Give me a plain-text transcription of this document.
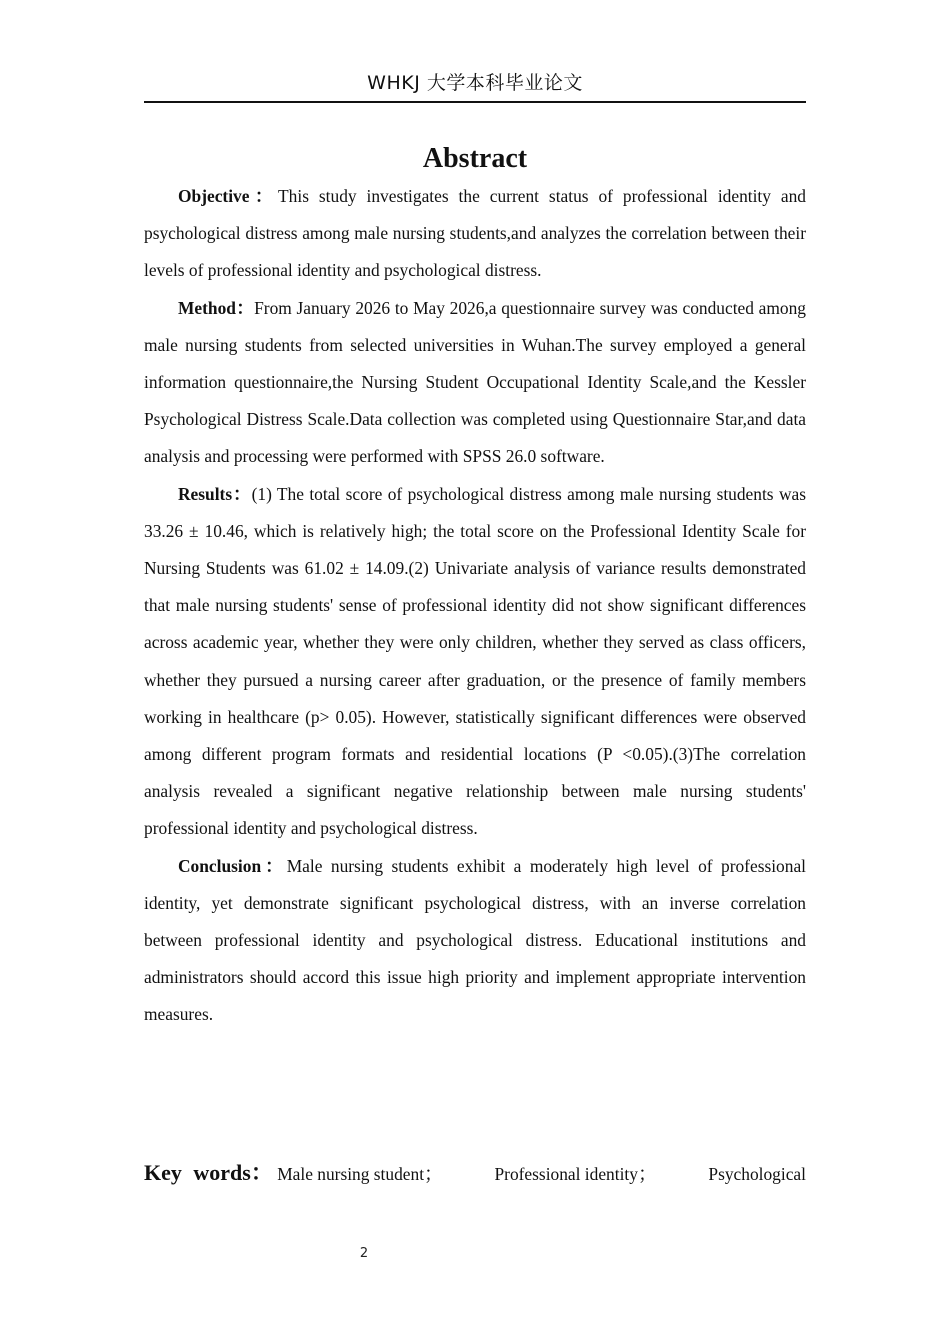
WHKJ 大学本科毕业论文
Abstract

Objective：This study investigates the current status of professional identity and psychological distress among male nursing students,and analyzes the correlation between their levels of professional identity and psychological distress.

Method：From January 2026 to May 2026,a questionnaire survey was conducted among male nursing students from selected universities in Wuhan.The survey employed a general information questionnaire,the Nursing Student Occupational Identity Scale,and the Kessler Psychological Distress Scale.Data collection was completed using Questionnaire Star,and data analysis and processing were performed with SPSS 26.0 software.

Results：(1) The total score of psychological distress among male nursing students was 33.26 ± 10.46, which is relatively high; the total score on the Professional Identity Scale for Nursing Students was 61.02 ± 14.09.(2) Univariate analysis of variance results demonstrated that male nursing students' sense of professional identity did not show significant differences across academic year, whether they were only children, whether they served as class officers, whether they pursued a nursing career after graduation, or the presence of family members working in healthcare (p> 0.05). However, statistically significant differences were observed among different program formats and residential locations (P <0.05).(3)The correlation analysis revealed a significant negative relationship between male nursing students' professional identity and psychological distress.

Conclusion：Male nursing students exhibit a moderately high level of professional identity, yet demonstrate significant psychological distress, with an inverse correlation between professional identity and psychological distress. Educational institutions and administrators should accord this issue high priority and implement appropriate intervention measures.

Key words： Male nursing student；	Professional identity；	Psychological
2
